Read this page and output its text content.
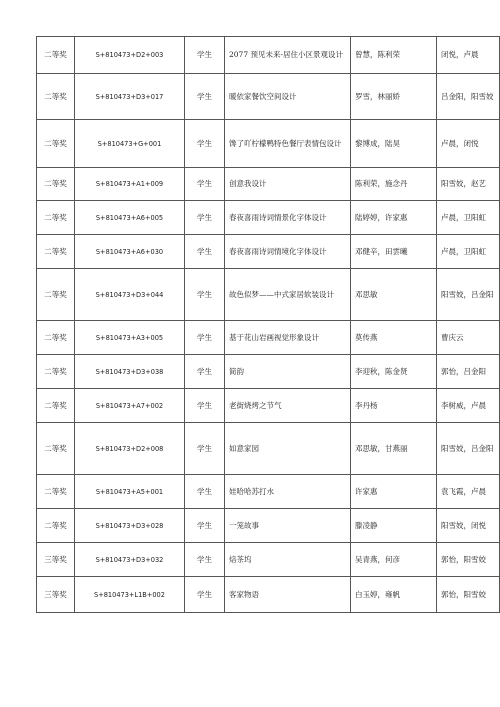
二等奖	S+810473+D2+003	学生	2077 预见未来-居住小区景观设计	曾慧，陈利荣	闭悦，卢晨
二等奖	S+810473+D3+017	学生	暖依家餐饮空间设计	罗雪，林丽娇	吕金阳，阳雪姣
二等奖	S+810473+G+001	学生	馋了吖柠檬鸭特色餐厅表情包设计	黎博成，陆昊	卢晨，闭悦
二等奖	S+810473+A1+009	学生	创意我设计	陈利荣，施念丹	阳雪姣，赵艺
二等奖	S+810473+A6+005	学生	春夜喜雨诗词情景化字体设计	陆婷婷，许家惠	卢晨，卫阳虹
二等奖	S+810473+A6+030	学生	春夜喜雨诗词情境化字体设计	邓健辛，田雲曦	卢晨，卫阳虹
二等奖	S+810473+D3+044	学生	故色似梦——中式家居软装设计	邓思敏	阳雪姣，吕金阳
二等奖	S+810473+A3+005	学生	基于花山岩画视觉形象设计	莫传燕	曹庆云
二等奖	S+810473+D3+038	学生	简韵	李迎秋，陈金贤	郭怡，吕金阳
二等奖	S+810473+A7+002	学生	老街烧烤之节气	李丹杨	李树威，卢晨
二等奖	S+810473+D2+008	学生	如意家园	邓思敏，甘燕丽	阳雪姣，吕金阳
二等奖	S+810473+A5+001	学生	娃哈哈苏打水	许家惠	袁飞霞，卢晨
二等奖	S+810473+D3+028	学生	一笼故事	滕凌静	阳雪姣，闭悦
三等奖	S+810473+D3+032	学生	焙茶坞	吴青燕，何彦	郭怡，阳雪姣
三等奖	S+810473+L1B+002	学生	客家物语	白玉婷，雍帆	郭怡，阳雪姣
